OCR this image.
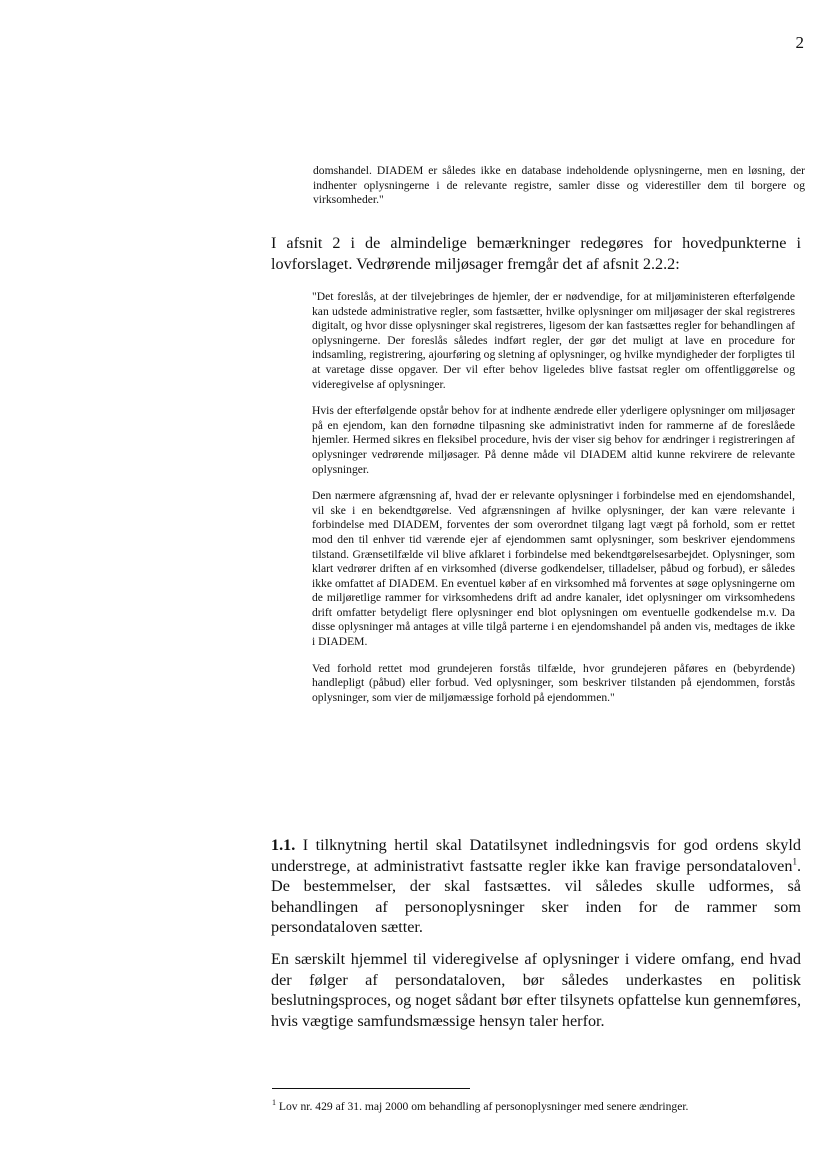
2

domshandel. DIADEM er således ikke en database indeholdende oplysningerne, men en løsning, der indhenter oplysningerne i de relevante registre, samler disse og viderestiller dem til borgere og virksomheder."

I afsnit 2 i de almindelige bemærkninger redegøres for hovedpunkterne i lovforslaget. Vedrørende miljøsager fremgår det af afsnit 2.2.2:

"Det foreslås, at der tilvejebringes de hjemler, der er nødvendige, for at miljøministeren efterfølgende kan udstede administrative regler, som fastsætter, hvilke oplysninger om miljøsager der skal registreres digitalt, og hvor disse oplysninger skal registreres, ligesom der kan fastsættes regler for behandlingen af oplysningerne. Der foreslås således indført regler, der gør det muligt at lave en procedure for indsamling, registrering, ajourføring og sletning af oplysninger, og hvilke myndigheder der forpligtes til at varetage disse opgaver. Der vil efter behov ligeledes blive fastsat regler om offentliggørelse og videregivelse af oplysninger.

Hvis der efterfølgende opstår behov for at indhente ændrede eller yderligere oplysninger om miljøsager på en ejendom, kan den fornødne tilpasning ske administrativt inden for rammerne af de foreslåede hjemler. Hermed sikres en fleksibel procedure, hvis der viser sig behov for ændringer i registreringen af oplysninger vedrørende miljøsager. På denne måde vil DIADEM altid kunne rekvirere de relevante oplysninger.

Den nærmere afgrænsning af, hvad der er relevante oplysninger i forbindelse med en ejendomshandel, vil ske i en bekendtgørelse. Ved afgrænsningen af hvilke oplysninger, der kan være relevante i forbindelse med DIADEM, forventes der som overordnet tilgang lagt vægt på forhold, som er rettet mod den til enhver tid værende ejer af ejendommen samt oplysninger, som beskriver ejendommens tilstand. Grænsetilfælde vil blive afklaret i forbindelse med bekendtgørelsesarbejdet. Oplysninger, som klart vedrører driften af en virksomhed (diverse godkendelser, tilladelser, påbud og forbud), er således ikke omfattet af DIADEM. En eventuel køber af en virksomhed må forventes at søge oplysningerne om de miljøretlige rammer for virksomhedens drift ad andre kanaler, idet oplysninger om virksomhedens drift omfatter betydeligt flere oplysninger end blot oplysningen om eventuelle godkendelse m.v. Da disse oplysninger må antages at ville tilgå parterne i en ejendomshandel på anden vis, medtages de ikke i DIADEM.

Ved forhold rettet mod grundejeren forstås tilfælde, hvor grundejeren påføres en (bebyrdende) handlepligt (påbud) eller forbud. Ved oplysninger, som beskriver tilstanden på ejendommen, forstås oplysninger, som vier de miljømæssige forhold på ejendommen."

1.1. I tilknytning hertil skal Datatilsynet indledningsvis for god ordens skyld understrege, at administrativt fastsatte regler ikke kan fravige persondataloven$^1$. De bestemmelser, der skal fastsættes. vil således skulle udformes, så behandlingen af personoplysninger sker inden for de rammer som persondataloven sætter.

En særskilt hjemmel til videregivelse af oplysninger i videre omfang, end hvad der følger af persondataloven, bør således underkastes en politisk beslutningsproces, og noget sådant bør efter tilsynets opfattelse kun gennemføres, hvis vægtige samfundsmæssige hensyn taler herfor.

$^1$ Lov nr. 429 af 31. maj 2000 om behandling af personoplysninger med senere ændringer.
